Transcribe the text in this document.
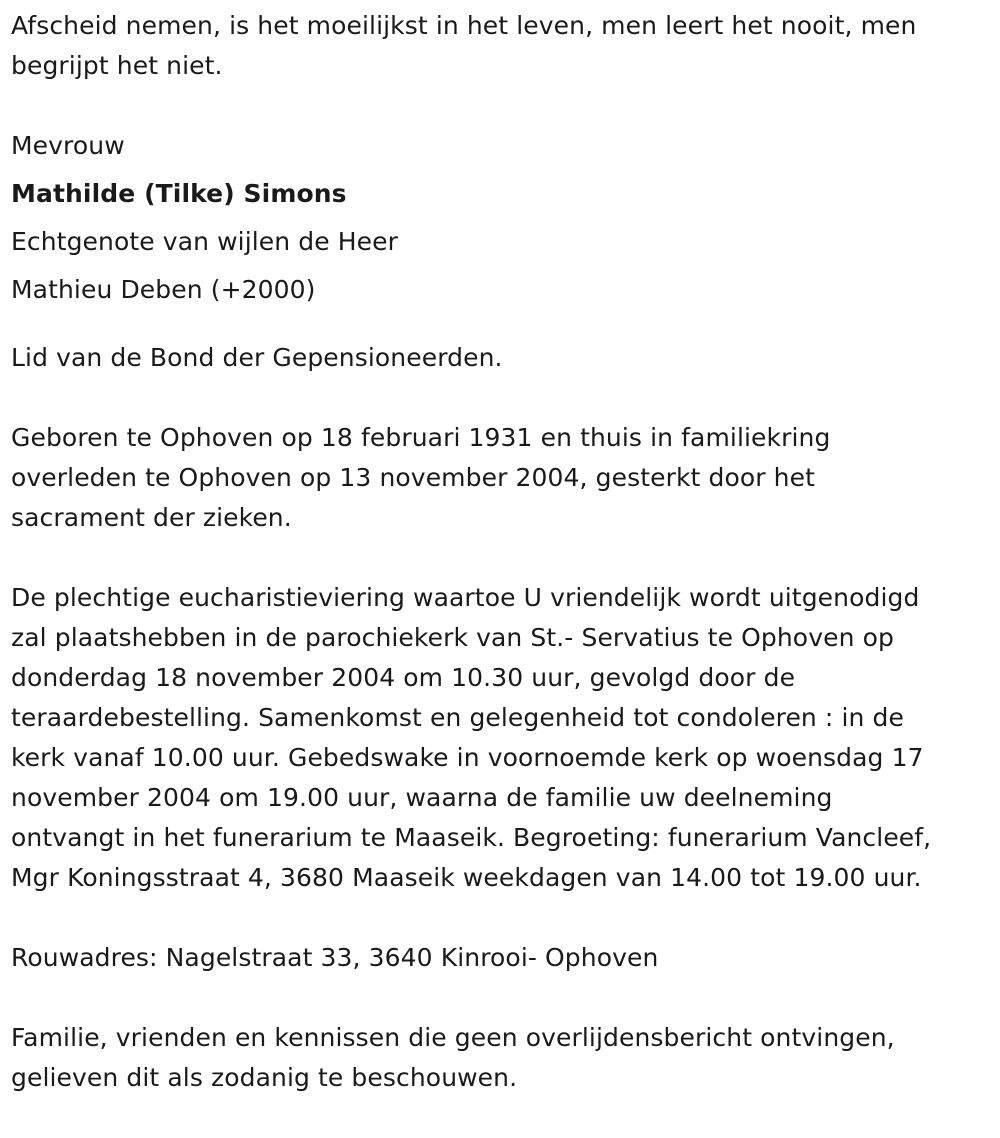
Afscheid nemen, is het moeilijkst in het leven, men leert het nooit, men
begrijpt het niet.
Mevrouw
Mathilde (Tilke) Simons
Echtgenote van wijlen de Heer
Mathieu Deben (+2000)
Lid van de Bond der Gepensioneerden.
Geboren te Ophoven op 18 februari 1931 en thuis in familiekring
overleden te Ophoven op 13 november 2004, gesterkt door het
sacrament der zieken.
De plechtige eucharistieviering waartoe U vriendelijk wordt uitgenodigd
zal plaatshebben in de parochiekerk van St.- Servatius te Ophoven op
donderdag 18 november 2004 om 10.30 uur, gevolgd door de
teraardebestelling. Samenkomst en gelegenheid tot condoleren : in de
kerk vanaf 10.00 uur. Gebedswake in voornoemde kerk op woensdag 17
november 2004 om 19.00 uur, waarna de familie uw deelneming
ontvangt in het funerarium te Maaseik. Begroeting: funerarium Vancleef,
Mgr Koningsstraat 4, 3680 Maaseik weekdagen van 14.00 tot 19.00 uur.
Rouwadres: Nagelstraat 33, 3640 Kinrooi- Ophoven
Familie, vrienden en kennissen die geen overlijdensbericht ontvingen,
gelieven dit als zodanig te beschouwen.
